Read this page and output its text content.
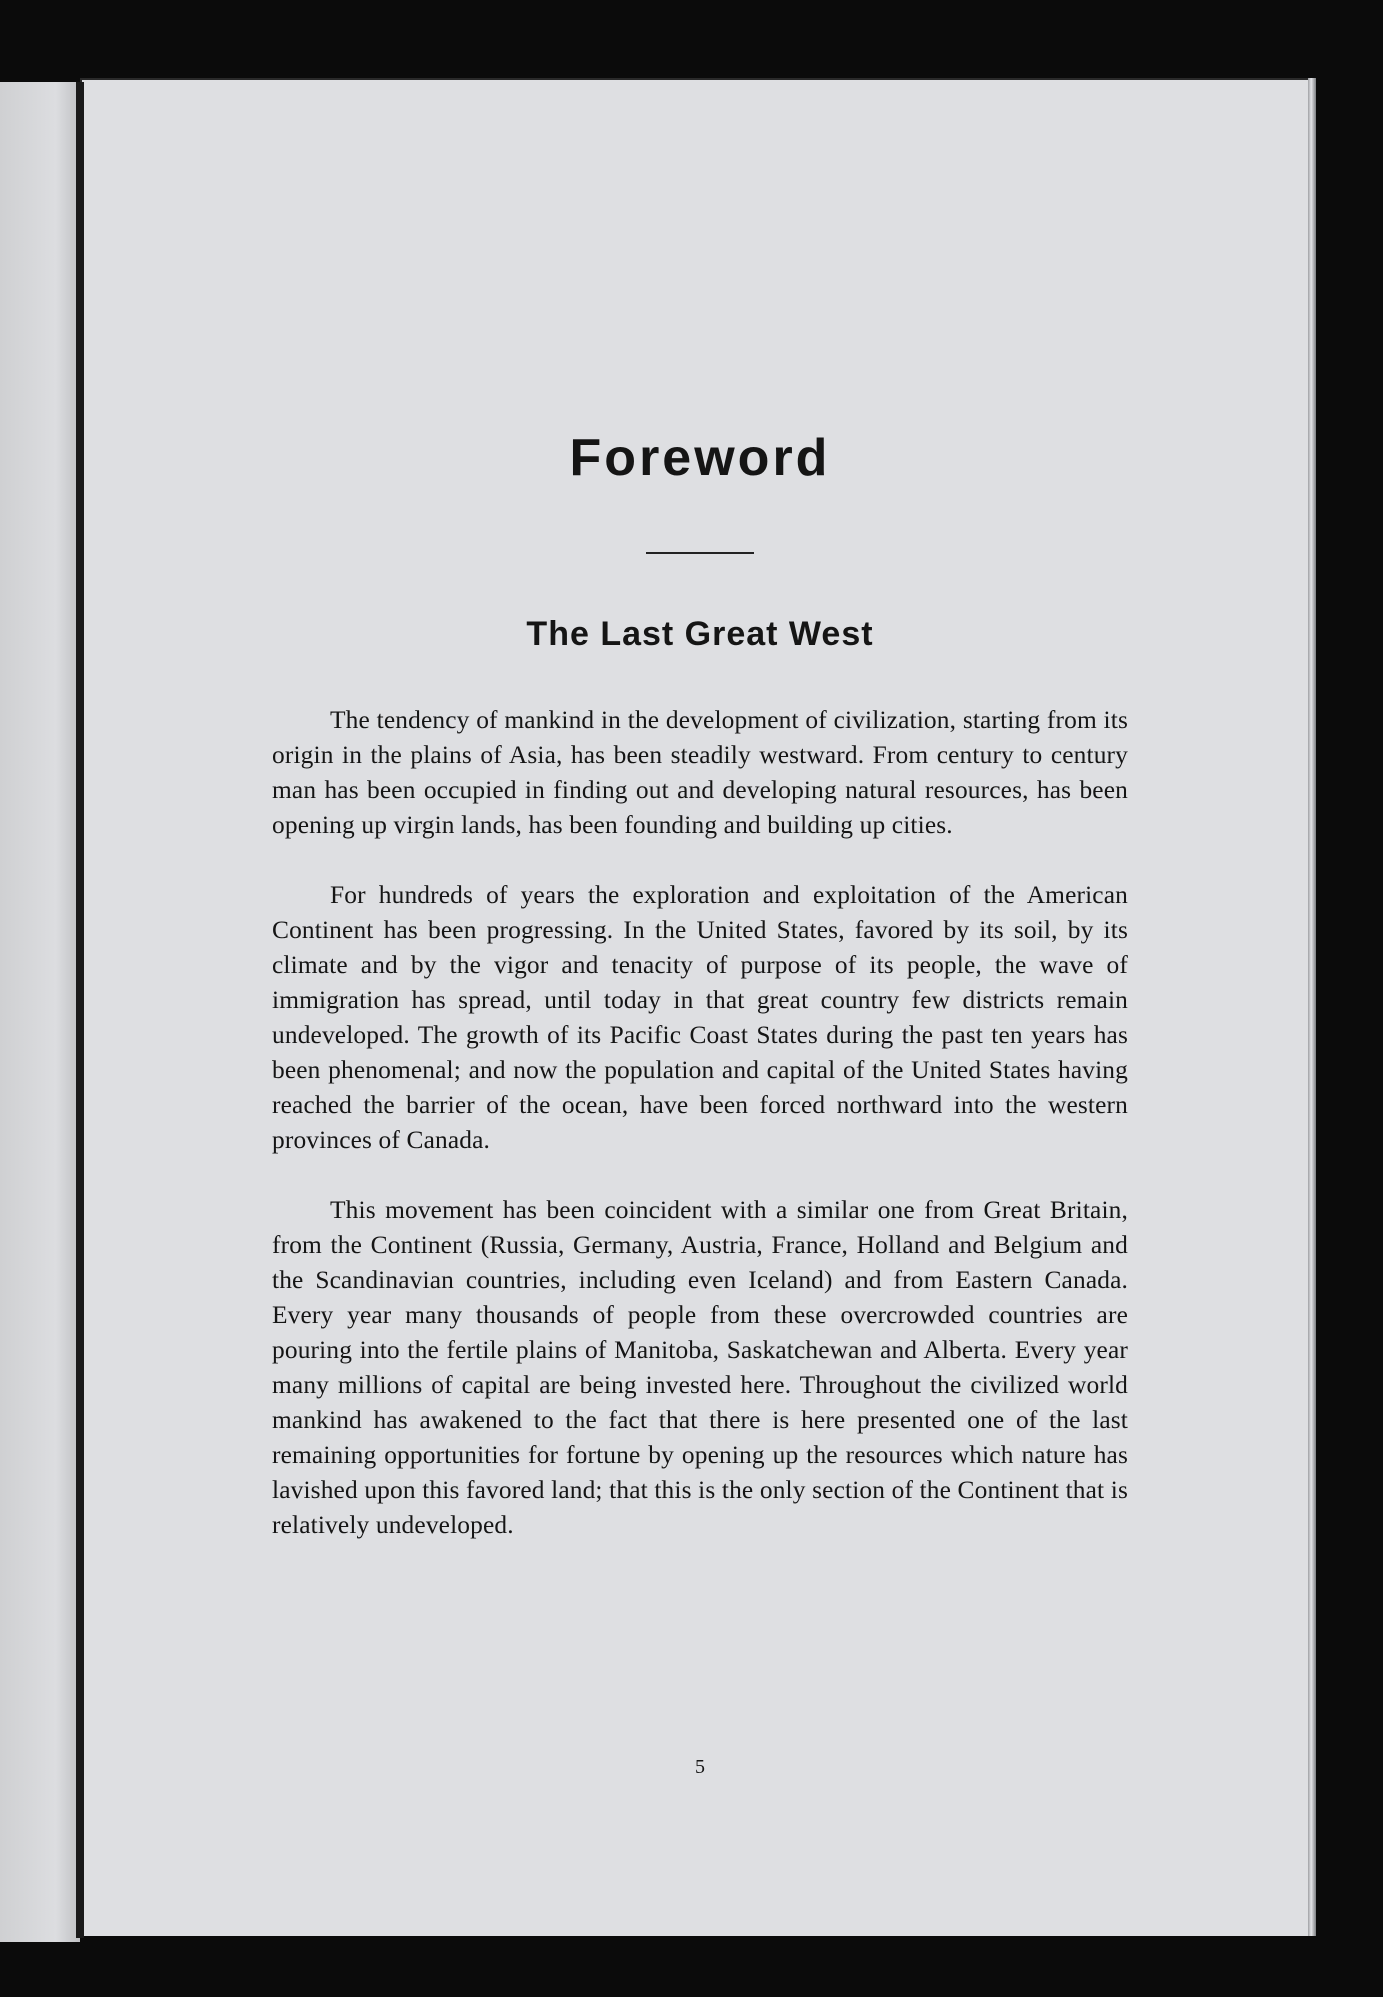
Foreword
The Last Great West

The tendency of mankind in the development of civilization, starting from its origin in the plains of Asia, has been steadily westward. From century to century man has been occupied in finding out and developing natural resources, has been opening up virgin lands, has been founding and building up cities.

For hundreds of years the exploration and exploitation of the American Continent has been progressing. In the United States, favored by its soil, by its climate and by the vigor and tenacity of purpose of its people, the wave of immigration has spread, until today in that great country few districts remain undeveloped. The growth of its Pacific Coast States during the past ten years has been phenomenal; and now the population and capital of the United States having reached the barrier of the ocean, have been forced northward into the western provinces of Canada.

This movement has been coincident with a similar one from Great Britain, from the Continent (Russia, Germany, Austria, France, Holland and Belgium and the Scandinavian countries, including even Iceland) and from Eastern Canada. Every year many thousands of people from these overcrowded countries are pouring into the fertile plains of Manitoba, Saskatchewan and Alberta. Every year many millions of capital are being invested here. Throughout the civilized world mankind has awakened to the fact that there is here presented one of the last remaining opportunities for fortune by opening up the resources which nature has lavished upon this favored land; that this is the only section of the Continent that is relatively undeveloped.

5
